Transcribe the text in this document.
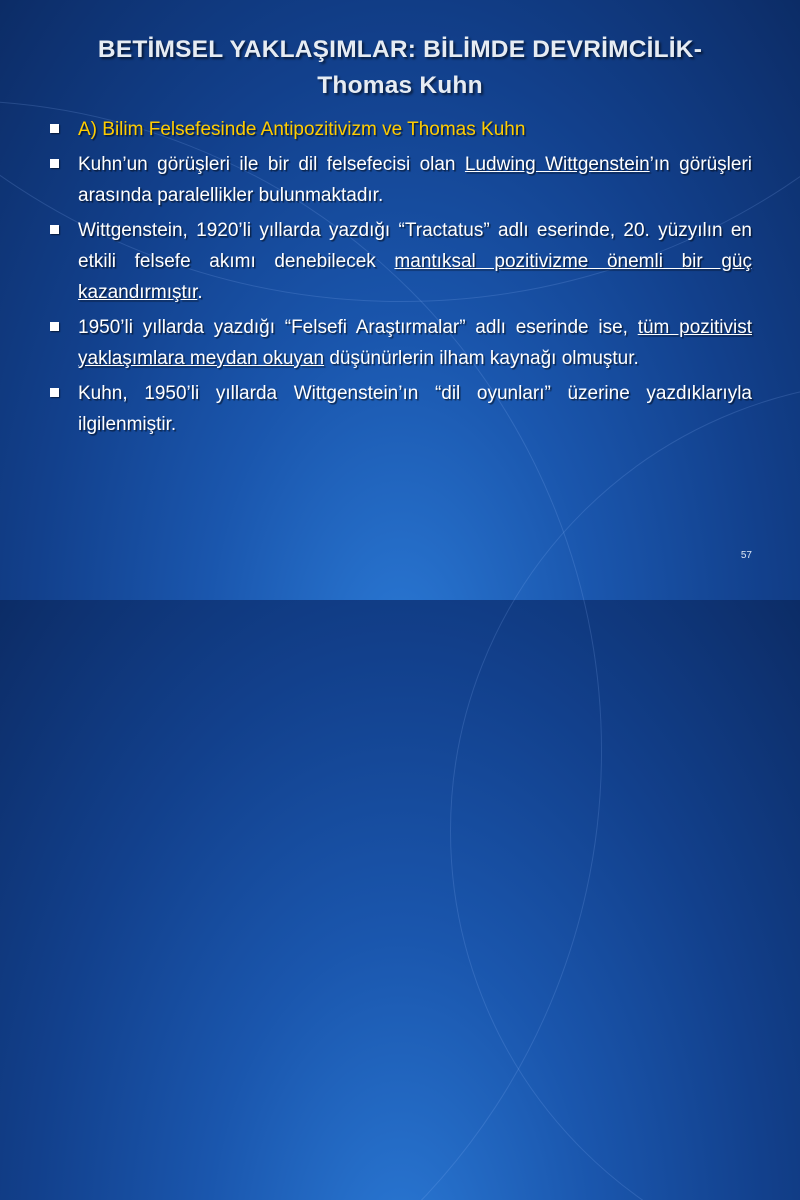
BETİMSEL YAKLAŞIMLAR: BİLİMDE DEVRİMCİLİK-
Thomas Kuhn
A) Bilim Felsefesinde Antipozitivizm ve Thomas Kuhn
Kuhn’un görüşleri ile bir dil felsefecisi olan Ludwing Wittgenstein’ın görüşleri arasında paralellikler bulunmaktadır.
Wittgenstein, 1920’li yıllarda yazdığı “Tractatus” adlı eserinde, 20. yüzyılın en etkili felsefe akımı denebilecek mantıksal pozitivizme önemli bir güç kazandırmıştır.
1950’li yıllarda yazdığı “Felsefi Araştırmalar” adlı eserinde ise, tüm pozitivist yaklaşımlara meydan okuyan düşünürlerin ilham kaynağı olmuştur.
Kuhn, 1950’li yıllarda Wittgenstein’ın “dil oyunları” üzerine yazdıklarıyla ilgilenmiştir.
57
